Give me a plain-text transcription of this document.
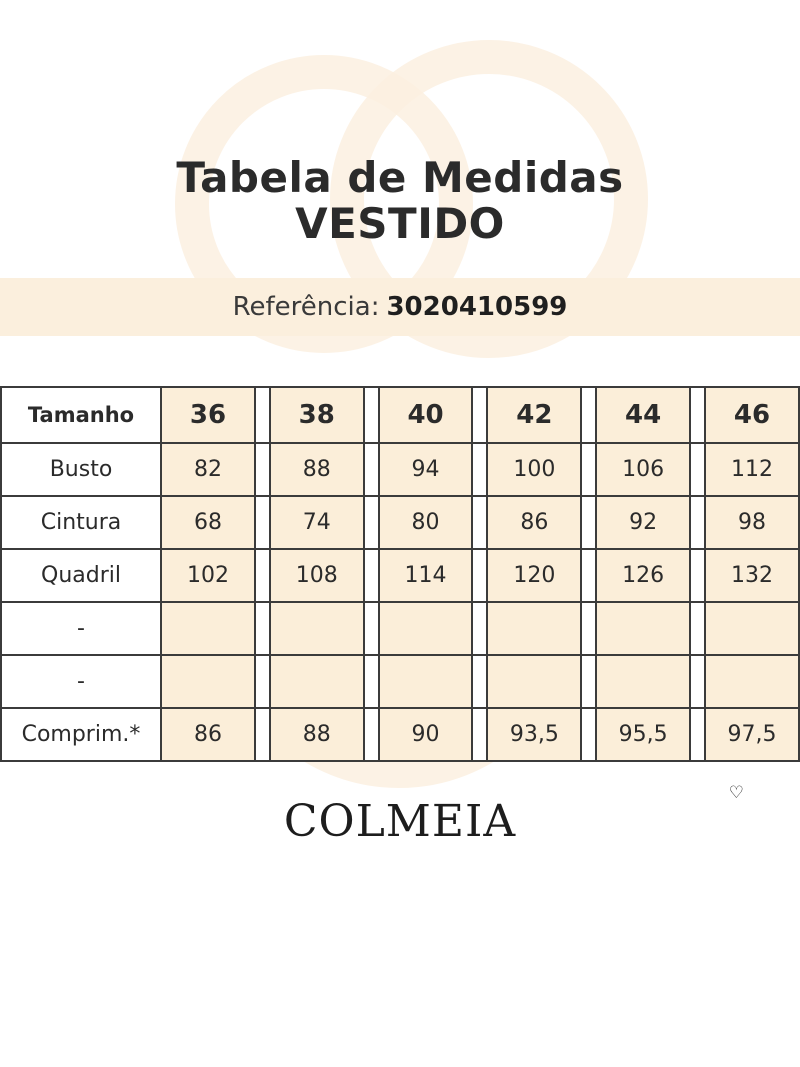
Tabela de Medidas
VESTIDO
Referência: 3020410599
Tamanho	36		38		40		42		44		46
Busto	82		88		94		100		106		112
Cintura	68		74		80		86		92		98
Quadril	102		108		114		120		126		132
-											
-											
Comprim.*	86		88		90		93,5		95,5		97,5
COLMEIA
♡
